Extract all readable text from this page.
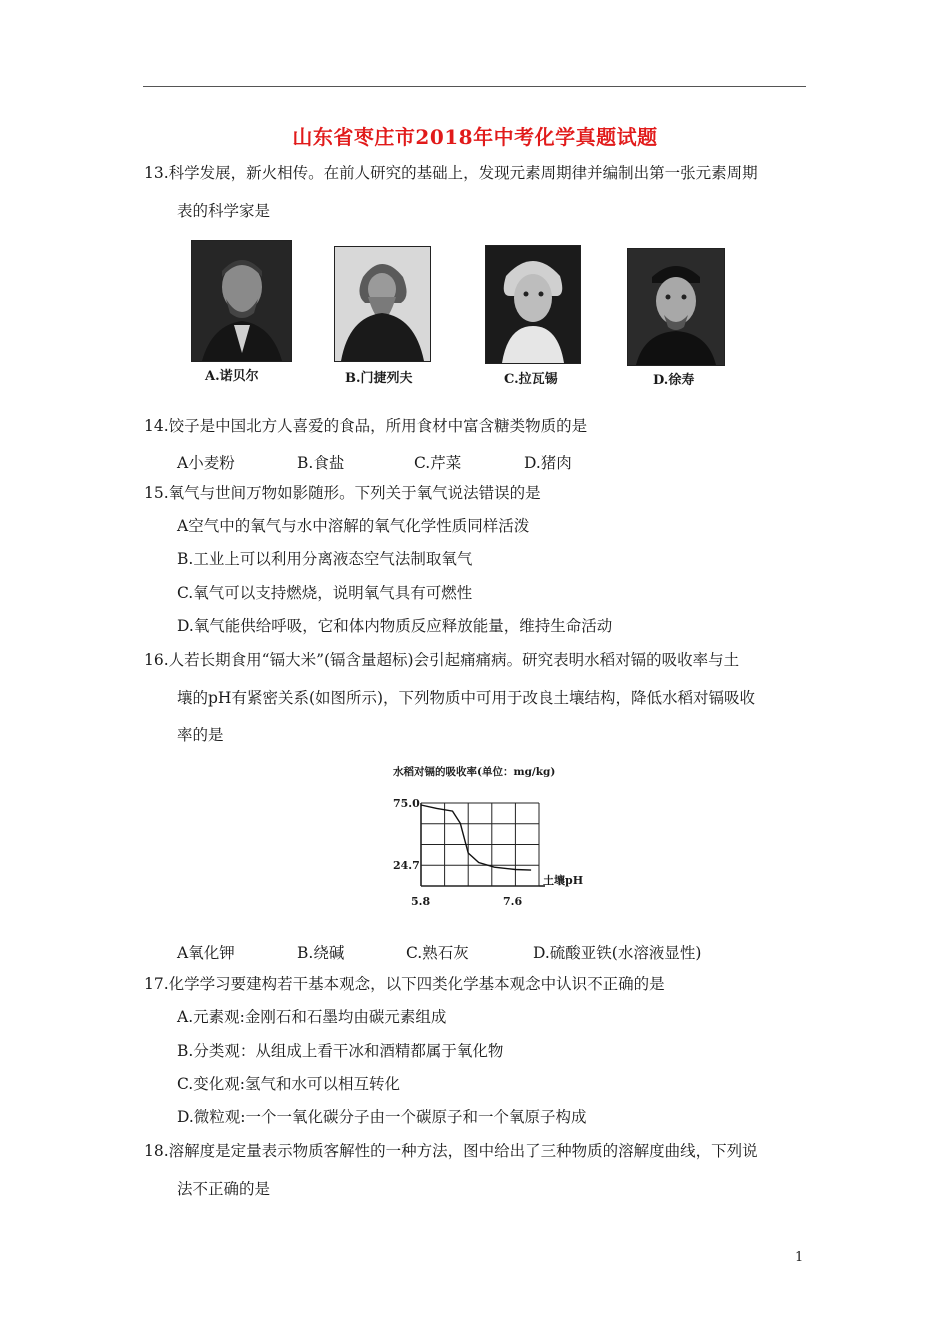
山东省枣庄市2018年中考化学真题试题
13.科学发展，新火相传。在前人研究的基础上，发现元素周期律并编制出第一张元素周期
表的科学家是
A.诺贝尔	B.门捷列夫	C.拉瓦锡	D.徐寿
14.饺子是中国北方人喜爱的食品，所用食材中富含糖类物质的是
A小麦粉	B.食盐	C.芹菜	D.猪肉
15.氧气与世间万物如影随形。下列关于氧气说法错误的是
A空气中的氧气与水中溶解的氧气化学性质同样活泼
B.工业上可以利用分离液态空气法制取氧气
C.氧气可以支持燃烧，说明氧气具有可燃性
D.氧气能供给呼吸，它和体内物质反应释放能量，维持生命活动
16.人若长期食用“镉大米”(镉含量超标)会引起痛痛病。研究表明水稻对镉的吸收率与土
壤的pH有紧密关系(如图所示)，下列物质中可用于改良土壤结构，降低水稻对镉吸收
率的是
水稻对镉的吸收率(单位：mg/kg)
75.0
24.7
5.8	7.6
土壤pH
A氧化钾	B.绕碱	C.熟石灰	D.硫酸亚铁(水溶液显性)
17.化学学习要建构若干基本观念，以下四类化学基本观念中认识不正确的是
A.元素观:金刚石和石墨均由碳元素组成
B.分类观：从组成上看干冰和酒精都属于氧化物
C.变化观:氢气和水可以相互转化
D.微粒观:一个一氧化碳分子由一个碳原子和一个氧原子构成
18.溶解度是定量表示物质客解性的一种方法，图中给出了三种物质的溶解度曲线，下列说
法不正确的是
1
